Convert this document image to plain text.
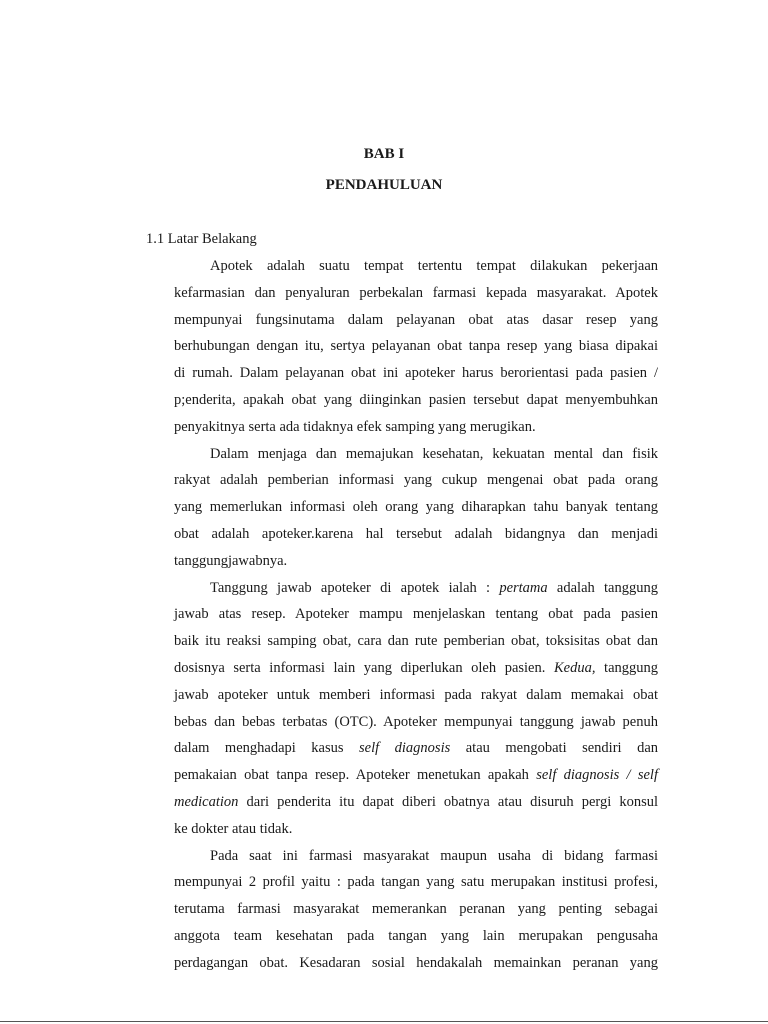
BAB I
PENDAHULUAN
1.1 Latar Belakang

Apotek adalah suatu tempat tertentu tempat dilakukan pekerjaan
kefarmasian dan penyaluran perbekalan farmasi kepada masyarakat. Apotek
mempunyai fungsinutama dalam pelayanan obat atas dasar resep yang
berhubungan dengan itu, sertya pelayanan obat tanpa resep yang biasa dipakai
di rumah. Dalam pelayanan obat ini apoteker harus berorientasi pada pasien /
p;enderita, apakah obat yang diinginkan pasien tersebut dapat menyembuhkan
penyakitnya serta ada tidaknya efek samping yang merugikan.

Dalam menjaga dan memajukan kesehatan, kekuatan mental dan fisik
rakyat adalah pemberian informasi yang cukup mengenai obat pada orang
yang memerlukan informasi oleh orang yang diharapkan tahu banyak tentang
obat adalah apoteker.karena hal tersebut adalah bidangnya dan menjadi
tanggungjawabnya.

Tanggung jawab apoteker di apotek ialah : pertama adalah tanggung
jawab atas resep. Apoteker mampu menjelaskan tentang obat pada pasien
baik itu reaksi samping obat, cara dan rute pemberian obat, toksisitas obat dan
dosisnya serta informasi lain yang diperlukan oleh pasien. Kedua, tanggung
jawab apoteker untuk memberi informasi pada rakyat dalam memakai obat
bebas dan bebas terbatas (OTC). Apoteker mempunyai tanggung jawab penuh
dalam menghadapi kasus self diagnosis atau mengobati sendiri dan
pemakaian obat tanpa resep. Apoteker menetukan apakah self diagnosis / self
medication dari penderita itu dapat diberi obatnya atau disuruh pergi konsul
ke dokter atau tidak.

Pada saat ini farmasi masyarakat maupun usaha di bidang farmasi
mempunyai 2 profil yaitu : pada tangan yang satu merupakan institusi profesi,
terutama farmasi masyarakat memerankan peranan yang penting sebagai
anggota team kesehatan pada tangan yang lain merupakan pengusaha
perdagangan obat. Kesadaran sosial hendakalah memainkan peranan yang
